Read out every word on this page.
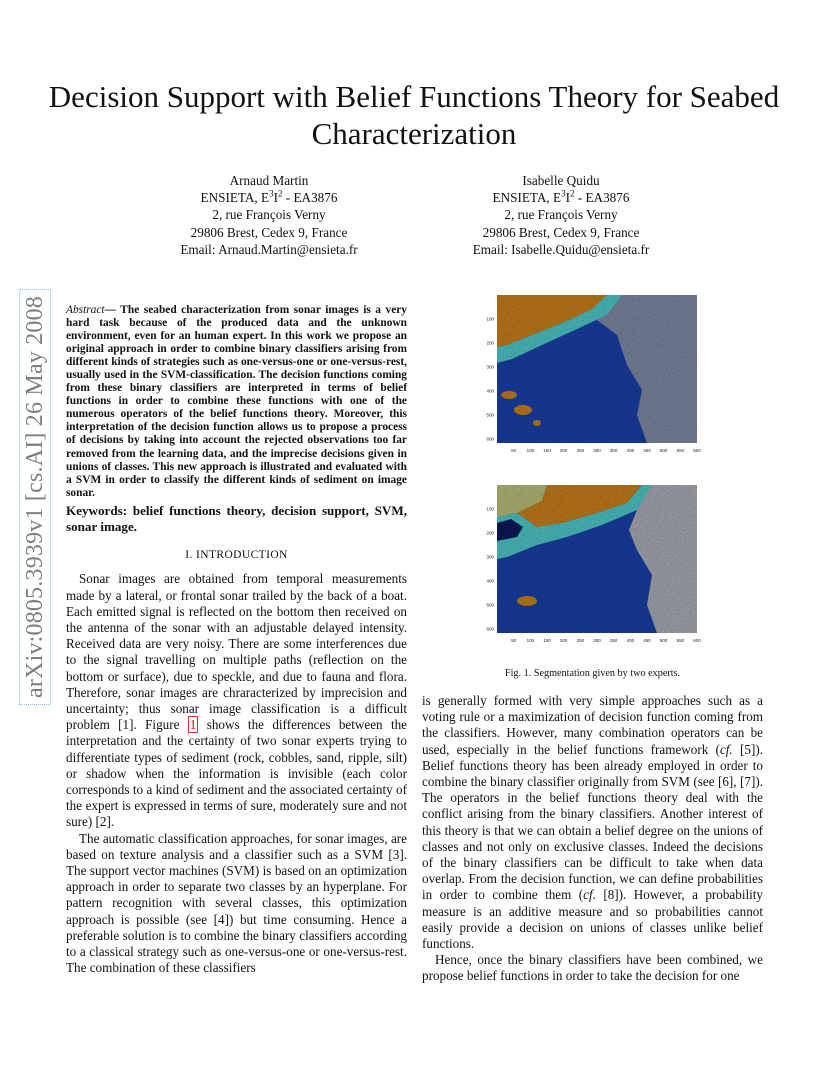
arXiv:0805.3939v1 [cs.AI] 26 May 2008
Decision Support with Belief Functions Theory for Seabed Characterization
Arnaud Martin
ENSIETA, $E^3I^2 - EA3876$
2, rue François Verny
29806 Brest, Cedex 9, France
Email: Arnaud.Martin@ensieta.fr
Isabelle Quidu
ENSIETA, $E^3I^2 - EA3876$
2, rue François Verny
29806 Brest, Cedex 9, France
Email: Isabelle.Quidu@ensieta.fr

Abstract— The seabed characterization from sonar images is a very hard task because of the produced data and the unknown environment, even for an human expert. In this work we propose an original approach in order to combine binary classifiers arising from different kinds of strategies such as one-versus-one or one-versus-rest, usually used in the SVM-classification. The decision functions coming from these binary classifiers are interpreted in terms of belief functions in order to combine these functions with one of the numerous operators of the belief functions theory. Moreover, this interpretation of the decision function allows us to propose a process of decisions by taking into account the rejected observations too far removed from the learning data, and the imprecise decisions given in unions of classes. This new approach is illustrated and evaluated with a SVM in order to classify the different kinds of sediment on image sonar.

Keywords: belief functions theory, decision support, SVM, sonar image.

I. INTRODUCTION

Sonar images are obtained from temporal measurements made by a lateral, or frontal sonar trailed by the back of a boat. Each emitted signal is reflected on the bottom then received on the antenna of the sonar with an adjustable delayed intensity. Received data are very noisy. There are some interferences due to the signal travelling on multiple paths (reflection on the bottom or surface), due to speckle, and due to fauna and flora. Therefore, sonar images are chraracterized by imprecision and uncertainty; thus sonar image classification is a difficult problem [1]. Figure 1 shows the differences between the interpretation and the certainty of two sonar experts trying to differentiate types of sediment (rock, cobbles, sand, ripple, silt) or shadow when the information is invisible (each color corresponds to a kind of sediment and the associated certainty of the expert is expressed in terms of sure, moderately sure and not sure) [2].

The automatic classification approaches, for sonar images, are based on texture analysis and a classifier such as a SVM [3]. The support vector machines (SVM) is based on an optimization approach in order to separate two classes by an hyperplane. For pattern recognition with several classes, this optimization approach is possible (see [4]) but time consuming. Hence a preferable solution is to combine the binary classifiers according to a classical strategy such as one-versus-one or one-versus-rest. The combination of these classifiers

100
200
300
400
500
600
50 100 150 200 250 300 350 400 450 500 550 600
100
200
300
400
500
600
50 100 150 200 250 300 350 400 450 500 550 600
Fig. 1. Segmentation given by two experts.

is generally formed with very simple approaches such as a voting rule or a maximization of decision function coming from the classifiers. However, many combination operators can be used, especially in the belief functions framework (cf. [5]). Belief functions theory has been already employed in order to combine the binary classifier originally from SVM (see [6], [7]). The operators in the belief functions theory deal with the conflict arising from the binary classifiers. Another interest of this theory is that we can obtain a belief degree on the unions of classes and not only on exclusive classes. Indeed the decisions of the binary classifiers can be difficult to take when data overlap. From the decision function, we can define probabilities in order to combine them (cf. [8]). However, a probability measure is an additive measure and so probabilities cannot easily provide a decision on unions of classes unlike belief functions.

Hence, once the binary classifiers have been combined, we propose belief functions in order to take the decision for one
